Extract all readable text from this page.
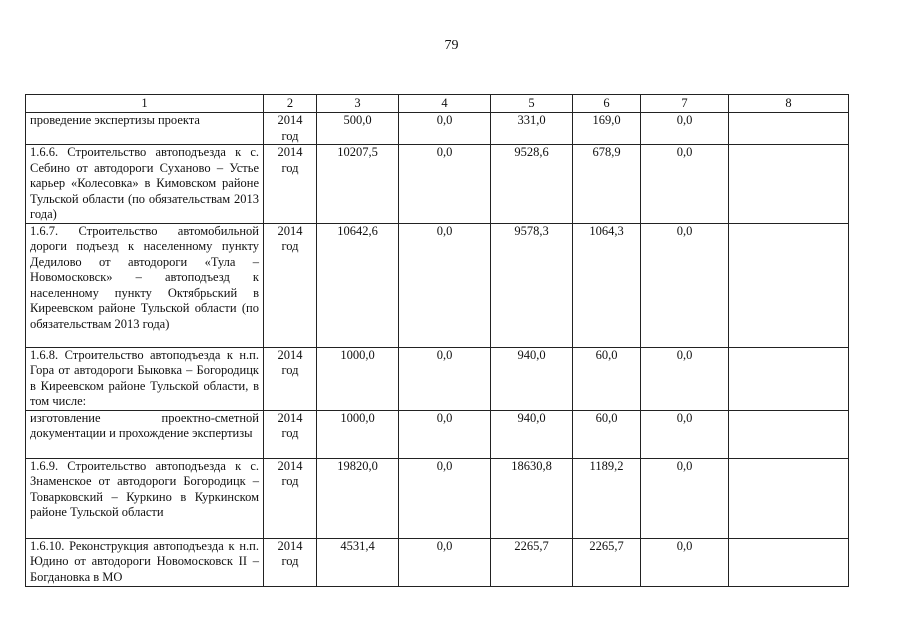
79
1	2	3	4	5	6	7	8
проведение экспертизы проекта	2014 год	500,0	0,0	331,0	169,0	0,0	
1.6.6. Строительство автоподъезда к с. Себино от автодороги Суханово – Устье карьер «Колесовка» в Кимовском районе Тульской области (по обязательствам 2013 года)	2014 год	10207,5	0,0	9528,6	678,9	0,0	
1.6.7. Строительство автомобильной дороги подъезд к населенному пункту Дедилово от автодороги «Тула – Новомосковск» – автоподъезд к населенному пункту Октябрьский в Киреевском районе Тульской области (по обязательствам 2013 года)	2014 год	10642,6	0,0	9578,3	1064,3	0,0	
1.6.8. Строительство автоподъезда к н.п. Гора от автодороги Быковка – Богородицк в Киреевском районе Тульской области, в том числе:	2014 год	1000,0	0,0	940,0	60,0	0,0	
изготовление проектно-сметной документации и прохождение экспертизы	2014 год	1000,0	0,0	940,0	60,0	0,0	
1.6.9. Строительство автоподъезда к с. Знаменское от автодороги Богородицк – Товарковский – Куркино в Куркинском районе Тульской области	2014 год	19820,0	0,0	18630,8	1189,2	0,0	
1.6.10. Реконструкция автоподъезда к н.п. Юдино от автодороги Новомосковск II – Богдановка в МО	2014 год	4531,4	0,0	2265,7	2265,7	0,0	
